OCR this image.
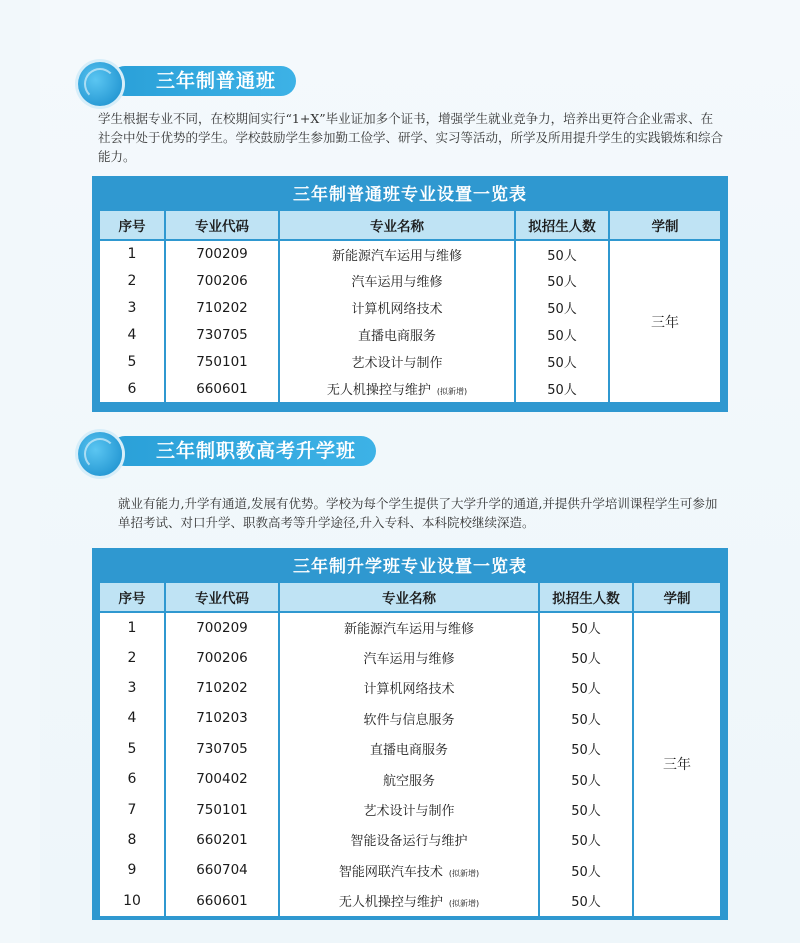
三年制普通班
学生根据专业不同，在校期间实行“1+X”毕业证加多个证书，增强学生就业竞争力，培养出更符合企业需求、在社会中处于优势的学生。学校鼓励学生参加勤工俭学、研学、实习等活动，所学及所用提升学生的实践锻炼和综合能力。
三年制普通班专业设置一览表
序号	专业代码	专业名称	拟招生人数	学制
1	700209	新能源汽车运用与维修	50人	三年
2	700206	汽车运用与维修	50人	
3	710202	计算机网络技术	50人	
4	730705	直播电商服务	50人	
5	750101	艺术设计与制作	50人	
6	660601	无人机操控与维护 (拟新增)	50人	
三年制职教高考升学班
就业有能力,升学有通道,发展有优势。学校为每个学生提供了大学升学的通道,并提供升学培训课程学生可参加单招考试、对口升学、职教高考等升学途径,升入专科、本科院校继续深造。
三年制升学班专业设置一览表
序号	专业代码	专业名称	拟招生人数	学制
1	700209	新能源汽车运用与维修	50人	三年
2	700206	汽车运用与维修	50人	
3	710202	计算机网络技术	50人	
4	710203	软件与信息服务	50人	
5	730705	直播电商服务	50人	
6	700402	航空服务	50人	
7	750101	艺术设计与制作	50人	
8	660201	智能设备运行与维护	50人	
9	660704	智能网联汽车技术 (拟新增)	50人	
10	660601	无人机操控与维护 (拟新增)	50人	
